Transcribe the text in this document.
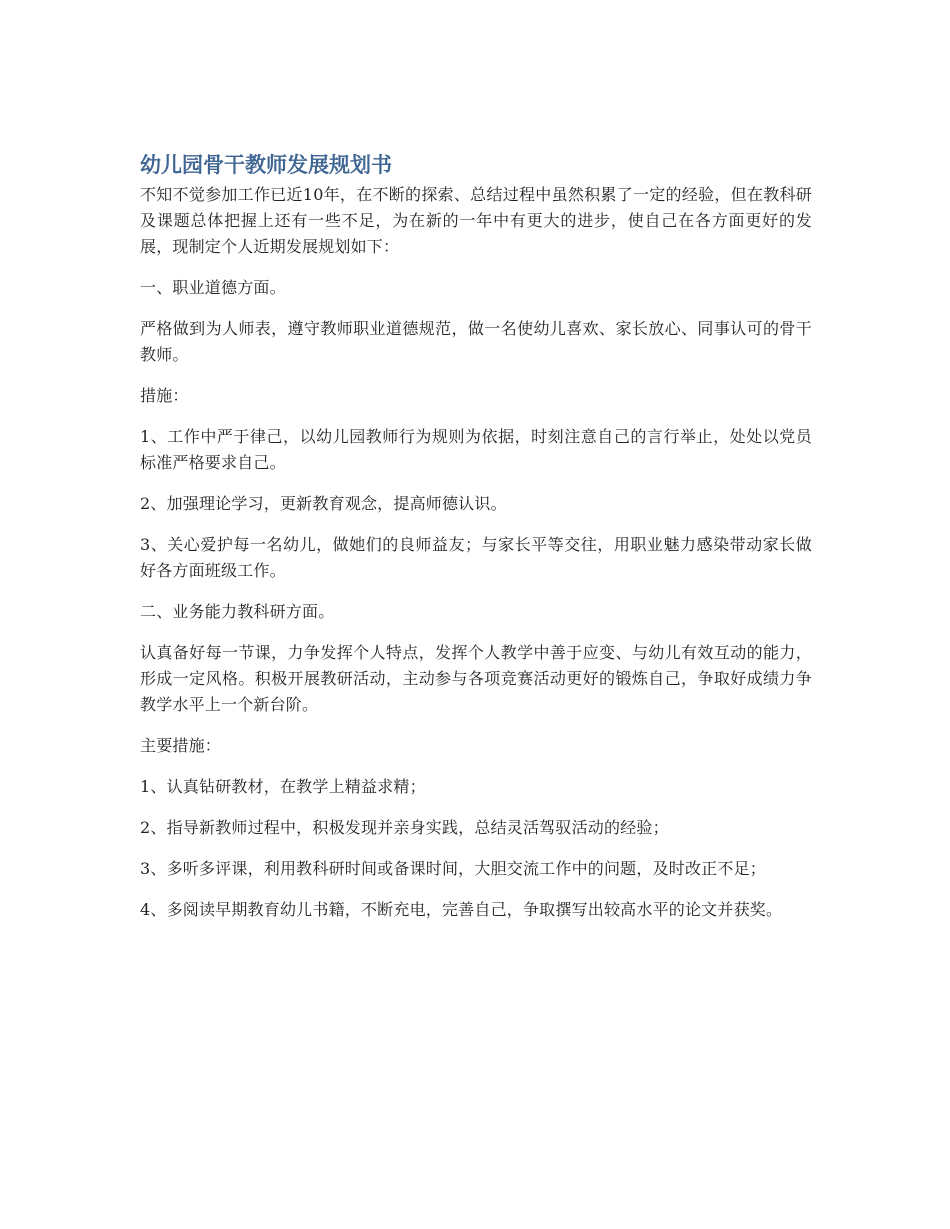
幼儿园骨干教师发展规划书

不知不觉参加工作已近10年，在不断的探索、总结过程中虽然积累了一定的经验，但在教科研及课题总体把握上还有一些不足，为在新的一年中有更大的进步，使自己在各方面更好的发展，现制定个人近期发展规划如下：

一、职业道德方面。

严格做到为人师表，遵守教师职业道德规范，做一名使幼儿喜欢、家长放心、同事认可的骨干教师。

措施：

1、工作中严于律己，以幼儿园教师行为规则为依据，时刻注意自己的言行举止，处处以党员标准严格要求自己。

2、加强理论学习，更新教育观念，提高师德认识。

3、关心爱护每一名幼儿，做她们的良师益友；与家长平等交往，用职业魅力感染带动家长做好各方面班级工作。

二、业务能力教科研方面。

认真备好每一节课，力争发挥个人特点，发挥个人教学中善于应变、与幼儿有效互动的能力，形成一定风格。积极开展教研活动，主动参与各项竞赛活动更好的锻炼自己，争取好成绩力争教学水平上一个新台阶。

主要措施：

1、认真钻研教材，在教学上精益求精；

2、指导新教师过程中，积极发现并亲身实践，总结灵活驾驭活动的经验；

3、多听多评课，利用教科研时间或备课时间，大胆交流工作中的问题，及时改正不足；

4、多阅读早期教育幼儿书籍，不断充电，完善自己，争取撰写出较高水平的论文并获奖。
